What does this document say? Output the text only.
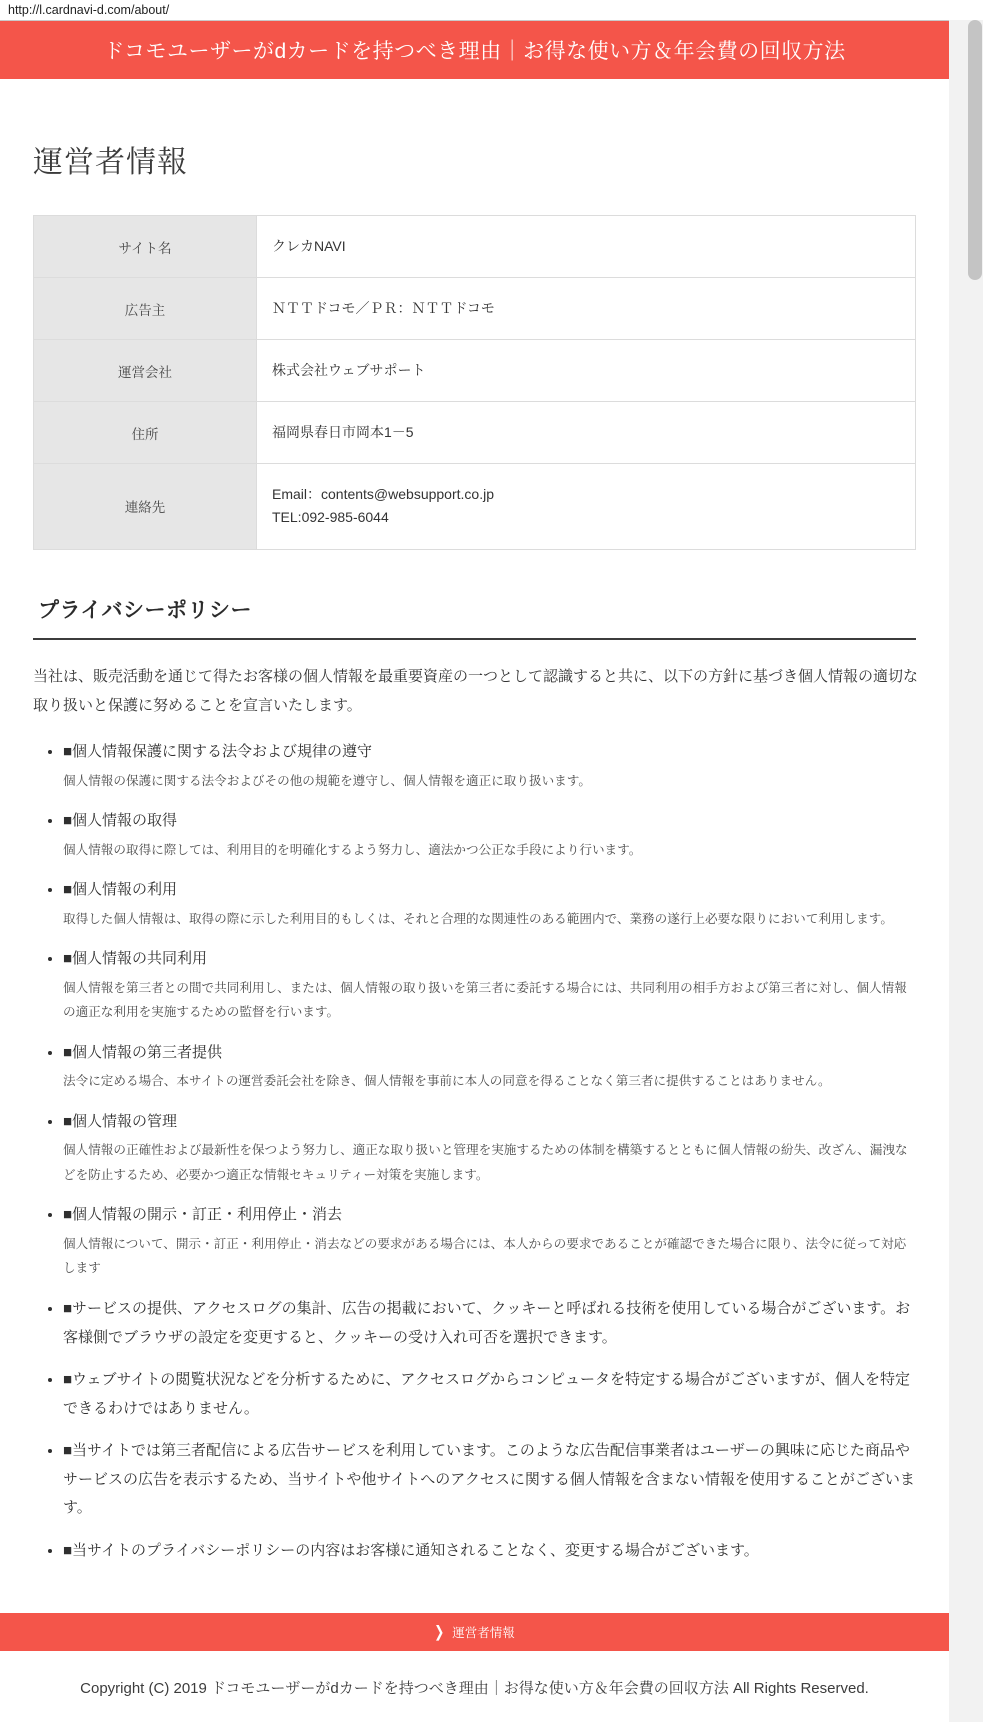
http://l.cardnavi-d.com/about/
ドコモユーザーがdカードを持つべき理由｜お得な使い方＆年会費の回収方法
運営者情報
サイト名	クレカNAVI
広告主	ＮＴＴドコモ／ＰＲ：ＮＴＴドコモ
運営会社	株式会社ウェブサポート
住所	福岡県春日市岡本1－5
連絡先	Email：contents@websupport.co.jp
TEL:092-985-6044
プライバシーポリシー

当社は、販売活動を通じて得たお客様の個人情報を最重要資産の一つとして認識すると共に、以下の方針に基づき個人情報の適切な取り扱いと保護に努めることを宣言いたします。

• ■個人情報保護に関する法令および規律の遵守
個人情報の保護に関する法令およびその他の規範を遵守し、個人情報を適正に取り扱います。
• ■個人情報の取得
個人情報の取得に際しては、利用目的を明確化するよう努力し、適法かつ公正な手段により行います。
• ■個人情報の利用
取得した個人情報は、取得の際に示した利用目的もしくは、それと合理的な関連性のある範囲内で、業務の遂行上必要な限りにおいて利用します。
• ■個人情報の共同利用
個人情報を第三者との間で共同利用し、または、個人情報の取り扱いを第三者に委託する場合には、共同利用の相手方および第三者に対し、個人情報の適正な利用を実施するための監督を行います。
• ■個人情報の第三者提供
法令に定める場合、本サイトの運営委託会社を除き、個人情報を事前に本人の同意を得ることなく第三者に提供することはありません。
• ■個人情報の管理
個人情報の正確性および最新性を保つよう努力し、適正な取り扱いと管理を実施するための体制を構築するとともに個人情報の紛失、改ざん、漏洩などを防止するため、必要かつ適正な情報セキュリティー対策を実施します。
• ■個人情報の開示・訂正・利用停止・消去
個人情報について、開示・訂正・利用停止・消去などの要求がある場合には、本人からの要求であることが確認できた場合に限り、法令に従って対応します
• ■サービスの提供、アクセスログの集計、広告の掲載において、クッキーと呼ばれる技術を使用している場合がございます。お客様側でブラウザの設定を変更すると、クッキーの受け入れ可否を選択できます。
• ■ウェブサイトの閲覧状況などを分析するために、アクセスログからコンピュータを特定する場合がございますが、個人を特定できるわけではありません。
• ■当サイトでは第三者配信による広告サービスを利用しています。このような広告配信事業者はユーザーの興味に応じた商品やサービスの広告を表示するため、当サイトや他サイトへのアクセスに関する個人情報を含まない情報を使用することがございます。
• ■当サイトのプライバシーポリシーの内容はお客様に通知されることなく、変更する場合がございます。
❯ 運営者情報
Copyright (C) 2019 ドコモユーザーがdカードを持つべき理由｜お得な使い方＆年会費の回収方法 All Rights Reserved.
